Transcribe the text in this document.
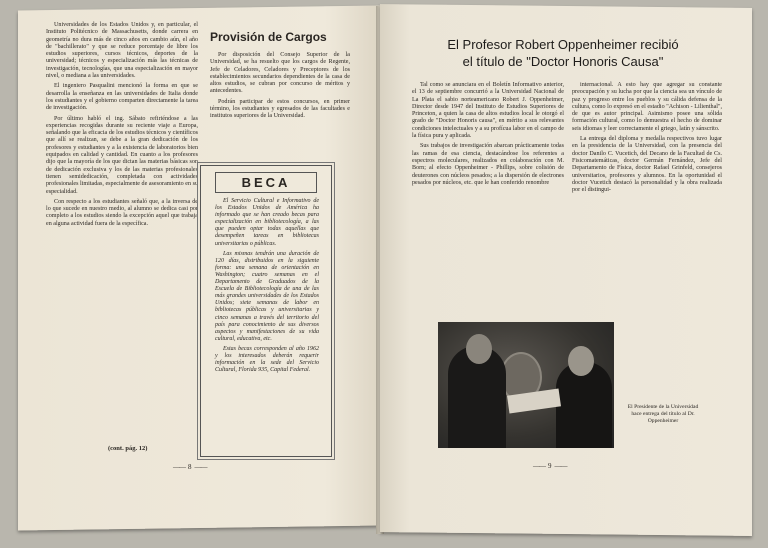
Universidades de los Estados Unidos y, en particular, el Instituto Politécnico de Massachusetts, donde carrera en geometría no dura más de cinco años en cambio aún, el año de "bachillerato" y que se reduce porcentaje de libre los estudios superiores, cursos técnicos, deportes de la universidad; técnicos y especialización más las técnicas de investigación, tecnologías, que una especialización en mayor nivel, o mediana a las universidades.

El ingeniero Pasqualini mencionó la forma en que se desarrolla la enseñanza en las universidades de Italia donde los estudiantes y el gobierno comparten directamente la tarea de investigación.

Por último habló el ing. Sábato refiriéndose a las experiencias recogidas durante su reciente viaje a Europa, señalando que la eficacia de los estudios técnicos y científicos que allí se realizan, se debe a la gran dedicación de los profesores y estudiantes y a la existencia de laboratorios bien equipados en calidad y cantidad. En cuanto a los profesores dijo que la mayoría de los que dictan las materias básicas son de dedicación exclusiva y los de las materias profesionales tienen semidedicación, completada con actividades profesionales limitadas, especialmente de asesoramiento en su especialidad.

Con respecto a los estudiantes señaló que, a la inversa de lo que sucede en nuestro medio, al alumno se dedica casi por completo a los estudios siendo la excepción aquel que trabaja en alguna actividad fuera de la específica.

(cont. pág. 12)
Provisión de Cargos

Por disposición del Consejo Superior de la Universidad, se ha resuelto que los cargos de Regente, Jefe de Celadores, Celadores y Preceptores de los establecimientos secundarios dependientes de la casa de altos estudios, se cubran por concurso de méritos y antecedentes.

Podrán participar de estos concursos, en primer término, los estudiantes y egresados de las facultades e institutos superiores de la Universidad.

BECA

El Servicio Cultural e Informativo de los Estados Unidos de América ha informado que se han creado becas para especialización en bibliotecología, a las que pueden optar todas aquellas que desempeñen tareas en bibliotecas universitarias o públicas.

Las mismas tendrán una duración de 120 días, distribuidos en la siguiente forma: una semana de orientación en Washington; cuatro semanas en el Departamento de Graduados de la Escuela de Bibliotecología de una de las más grandes universidades de los Estados Unidos; siete semanas de labor en bibliotecas públicas y universitarias y cinco semanas a través del territorio del país para conocimiento de sus diversos aspectos y manifestaciones de su vida cultural, educativa, etc.

Estas becas corresponden al año 1962 y los interesados deberán requerir información en la sede del Servicio Cultural, Florida 935, Capital Federal.

—— 8 ——
El Profesor Robert Oppenheimer recibió
el título de "Doctor Honoris Causa"

Tal como se anunciara en el Boletín Informativo anterior, el 13 de septiembre concurrió a la Universidad Nacional de La Plata el sabio norteamericano Robert J. Oppenheimer, Director desde 1947 del Instituto de Estudios Superiores de Princeton, a quien la casa de altos estudios local le otorgó el grado de "Doctor Honoris causa", en mérito a sus relevantes condiciones intelectuales y a su profícua labor en el campo de la física pura y aplicada.

Sus trabajos de investigación abarcan prácticamente todas las ramas de esa ciencia, destacándose los referentes a espectros moleculares, realizados en colaboración con M. Born; al efecto Oppenheimer - Phillips, sobre colisión de deuterones con núcleos pesados; a la dispersión de electrones pesados por núcleos, etc. que le han conferido renombre

internacional. A esto hay que agregar su constante preocupación y su lucha por que la ciencia sea un vínculo de paz y progreso entre los pueblos y su cálida defensa de la cultura, como lo expresó en el estadio "Achison - Lilienthal", de que es autor principal. Asimismo posee una sólida formación cultural, como lo demuestra el hecho de dominar seis idiomas y leer correctamente el griego, latín y sánscrito.

La entrega del diploma y medalla respectivos tuvo lugar en la presidencia de la Universidad, con la presencia del doctor Danilo C. Vucetich, del Decano de la Facultad de Cs. Fisicomatemáticas, doctor Germán Fernández, Jefe del Departamento de Física, doctor Rafael Grinfeld, consejeros universitarios, profesores y alumnos. En la oportunidad el doctor Vucetich destacó la personalidad y la obra realizada por el distingui-

El Presidente de la Universidad hace entrega del título al Dr. Oppenheimer
—— 9 ——
